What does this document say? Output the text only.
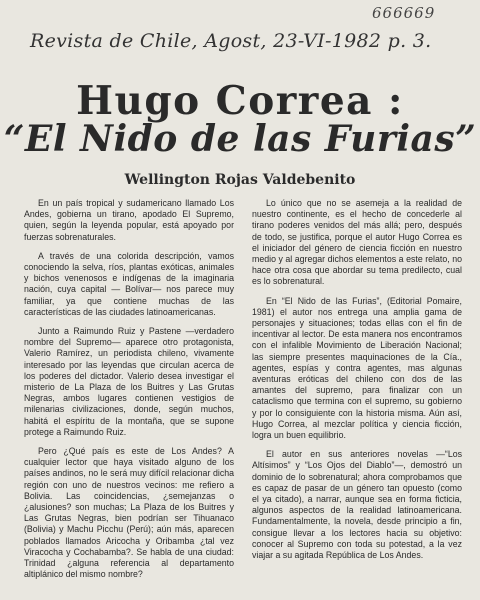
666669
Revista de Chile, Agost, 23-VI-1982 p. 3.
Hugo Correa :
“El Nido de las Furias”
Wellington Rojas Valdebenito

En un país tropical y sudamericano llamado Los Andes, gobierna un tirano, apodado El Supremo, quien, según la leyenda popular, está apoyado por fuerzas sobrenaturales.

A través de una colorida descripción, vamos conociendo la selva, ríos, plantas exóticas, animales y bichos venenosos e indígenas de la imaginaria nación, cuya capital — Bolívar— nos parece muy familiar, ya que contiene muchas de las características de las ciudades latinoamericanas.

Junto a Raimundo Ruiz y Pastene —verdadero nombre del Supremo— aparece otro protagonista, Valerio Ramírez, un periodista chileno, vivamente interesado por las leyendas que circulan acerca de los poderes del dictador. Valerio desea investigar el misterio de La Plaza de los Buitres y Las Grutas Negras, ambos lugares contienen vestigios de milenarias civilizaciones, donde, según muchos, habitá el espíritu de la montaña, que se supone protege a Raimundo Ruiz.

Pero ¿Qué país es este de Los Andes? A cualquier lector que haya visitado alguno de los países andinos, no le será muy difícil relacionar dicha región con uno de nuestros vecinos: me refiero a Bolivia. Las coincidencias, ¿semejanzas o ¿alusiones? son muchas; La Plaza de los Buitres y Las Grutas Negras, bien podrían ser Tihuanaco (Bolivia) y Machu Picchu (Perú); aún más, aparecen poblados llamados Aricocha y Oribamba ¿tal vez Viracocha y Cochabamba?. Se habla de una ciudad: Trinidad ¿alguna referencia al departamento altiplánico del mismo nombre?

Lo único que no se asemeja a la realidad de nuestro continente, es el hecho de concederle al tirano poderes venidos del más allá; pero, después de todo, se justifica, porque el autor Hugo Correa es el iniciador del género de ciencia ficción en nuestro medio y al agregar dichos elementos a este relato, no hace otra cosa que abordar su tema predilecto, cual es lo sobrenatural.

En “El Nido de las Furias”, (Editorial Pomaire, 1981) el autor nos entrega una amplia gama de personajes y situaciones; todas ellas con el fin de incentivar al lector. De esta manera nos encontramos con el infalible Movimiento de Liberación Nacional; las siempre presentes maquinaciones de la Cía., agentes, espías y contra agentes, mas algunas aventuras eróticas del chileno con dos de las amantes del supremo, para finalizar con un cataclismo que termina con el supremo, su gobierno y por lo consiguiente con la historia misma. Aún así, Hugo Correa, al mezclar política y ciencia ficción, logra un buen equilibrio.

El autor en sus anteriores novelas —“Los Altísimos” y “Los Ojos del Diablo”—, demostró un dominio de lo sobrenatural; ahora comprobamos que es capaz de pasar de un género tan opuesto (como el ya citado), a narrar, aunque sea en forma ficticia, algunos aspectos de la realidad latinoamericana. Fundamentalmente, la novela, desde principio a fin, consigue llevar a los lectores hacia su objetivo: conocer al Supremo con toda su potestad, a la vez viajar a su agitada República de Los Andes.
